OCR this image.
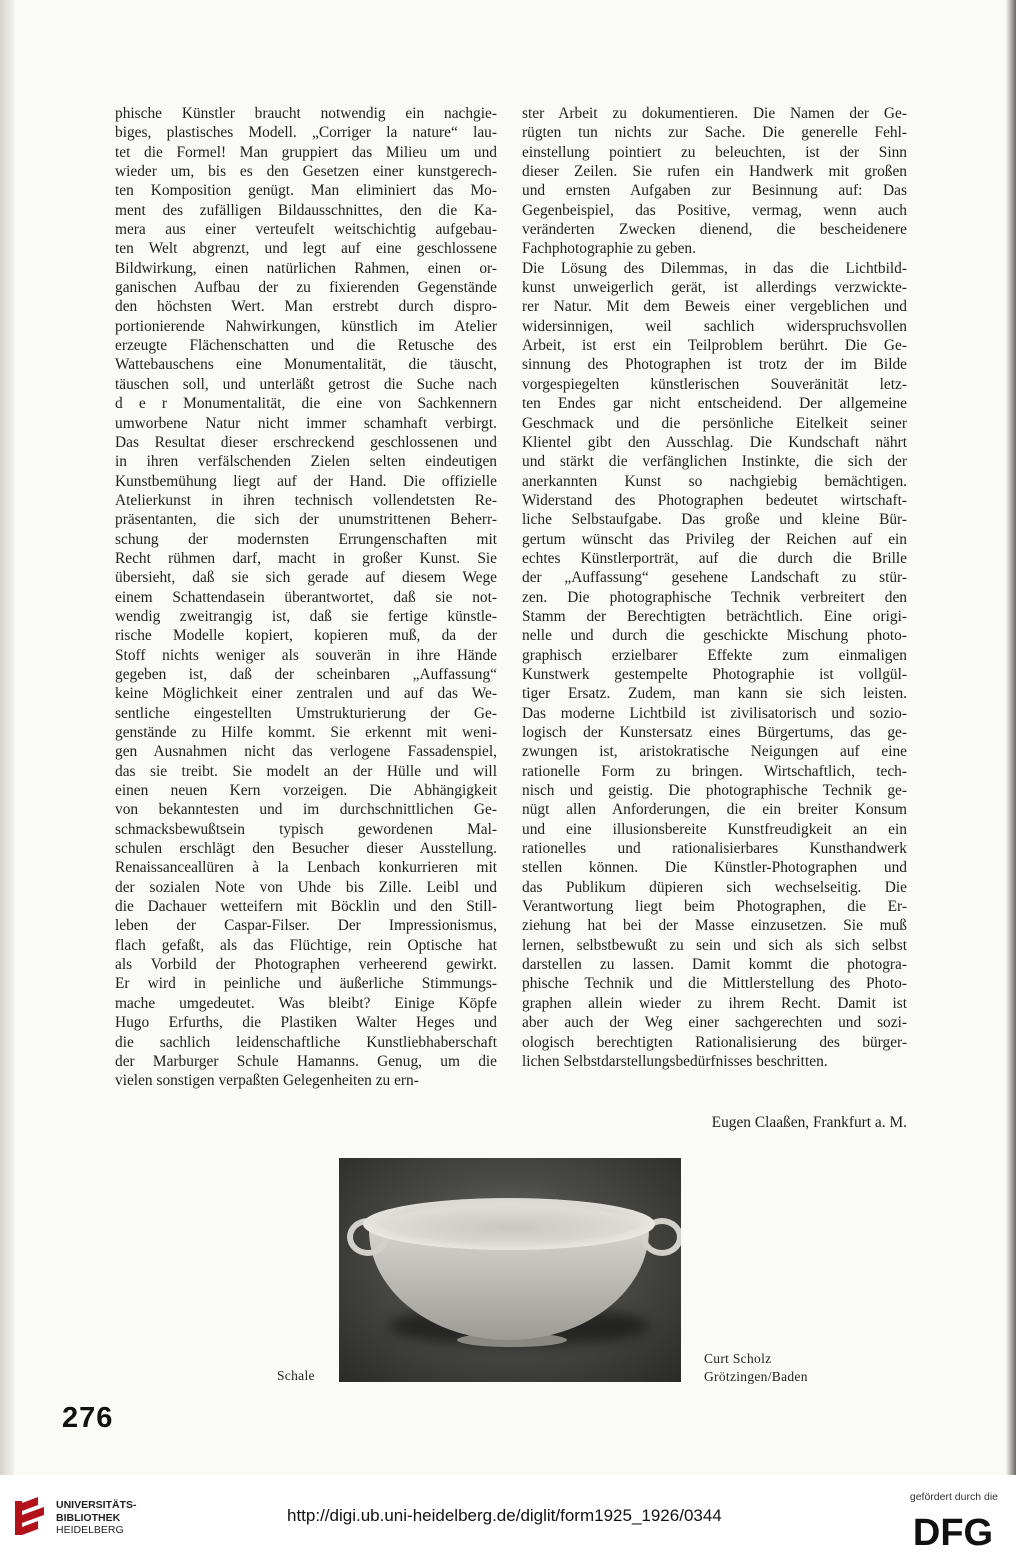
phische Künstler braucht notwendig ein nachgie-
biges, plastisches Modell. „Corriger la nature“ lau-
tet die Formel! Man gruppiert das Milieu um und
wieder um, bis es den Gesetzen einer kunstgerech-
ten Komposition genügt. Man eliminiert das Mo-
ment des zufälligen Bildausschnittes, den die Ka-
mera aus einer verteufelt weitschichtig aufgebau-
ten Welt abgrenzt, und legt auf eine geschlossene
Bildwirkung, einen natürlichen Rahmen, einen or-
ganischen Aufbau der zu fixierenden Gegenstände
den höchsten Wert. Man erstrebt durch dispro-
portionierende Nahwirkungen, künstlich im Atelier
erzeugte Flächenschatten und die Retusche des
Wattebauschens eine Monumentalität, die täuscht,
täuschen soll, und unterläßt getrost die Suche nach
d e r Monumentalität, die eine von Sachkennern
umworbene Natur nicht immer schamhaft verbirgt.
Das Resultat dieser erschreckend geschlossenen und
in ihren verfälschenden Zielen selten eindeutigen
Kunstbemühung liegt auf der Hand. Die offizielle
Atelierkunst in ihren technisch vollendetsten Re-
präsentanten, die sich der unumstrittenen Beherr-
schung der modernsten Errungenschaften mit
Recht rühmen darf, macht in großer Kunst. Sie
übersieht, daß sie sich gerade auf diesem Wege
einem Schattendasein überantwortet, daß sie not-
wendig zweitrangig ist, daß sie fertige künstle-
rische Modelle kopiert, kopieren muß, da der
Stoff nichts weniger als souverän in ihre Hände
gegeben ist, daß der scheinbaren „Auffassung“
keine Möglichkeit einer zentralen und auf das We-
sentliche eingestellten Umstrukturierung der Ge-
genstände zu Hilfe kommt. Sie erkennt mit weni-
gen Ausnahmen nicht das verlogene Fassadenspiel,
das sie treibt. Sie modelt an der Hülle und will
einen neuen Kern vorzeigen. Die Abhängigkeit
von bekanntesten und im durchschnittlichen Ge-
schmacksbewußtsein typisch gewordenen Mal-
schulen erschlägt den Besucher dieser Ausstellung.
Renaissanceallüren à la Lenbach konkurrieren mit
der sozialen Note von Uhde bis Zille. Leibl und
die Dachauer wetteifern mit Böcklin und den Still-
leben der Caspar-Filser. Der Impressionismus,
flach gefaßt, als das Flüchtige, rein Optische hat
als Vorbild der Photographen verheerend gewirkt.
Er wird in peinliche und äußerliche Stimmungs-
mache umgedeutet. Was bleibt? Einige Köpfe
Hugo Erfurths, die Plastiken Walter Heges und
die sachlich leidenschaftliche Kunstliebhaberschaft
der Marburger Schule Hamanns. Genug, um die
vielen sonstigen verpaßten Gelegenheiten zu ern-
ster Arbeit zu dokumentieren. Die Namen der Ge-
rügten tun nichts zur Sache. Die generelle Fehl-
einstellung pointiert zu beleuchten, ist der Sinn
dieser Zeilen. Sie rufen ein Handwerk mit großen
und ernsten Aufgaben zur Besinnung auf: Das
Gegenbeispiel, das Positive, vermag, wenn auch
veränderten Zwecken dienend, die bescheidenere
Fachphotographie zu geben.
Die Lösung des Dilemmas, in das die Lichtbild-
kunst unweigerlich gerät, ist allerdings verzwickte-
rer Natur. Mit dem Beweis einer vergeblichen und
widersinnigen, weil sachlich widerspruchsvollen
Arbeit, ist erst ein Teilproblem berührt. Die Ge-
sinnung des Photographen ist trotz der im Bilde
vorgespiegelten künstlerischen Souveränität letz-
ten Endes gar nicht entscheidend. Der allgemeine
Geschmack und die persönliche Eitelkeit seiner
Klientel gibt den Ausschlag. Die Kundschaft nährt
und stärkt die verfänglichen Instinkte, die sich der
anerkannten Kunst so nachgiebig bemächtigen.
Widerstand des Photographen bedeutet wirtschaft-
liche Selbstaufgabe. Das große und kleine Bür-
gertum wünscht das Privileg der Reichen auf ein
echtes Künstlerporträt, auf die durch die Brille
der „Auffassung“ gesehene Landschaft zu stür-
zen. Die photographische Technik verbreitert den
Stamm der Berechtigten beträchtlich. Eine origi-
nelle und durch die geschickte Mischung photo-
graphisch erzielbarer Effekte zum einmaligen
Kunstwerk gestempelte Photographie ist vollgül-
tiger Ersatz. Zudem, man kann sie sich leisten.
Das moderne Lichtbild ist zivilisatorisch und sozio-
logisch der Kunstersatz eines Bürgertums, das ge-
zwungen ist, aristokratische Neigungen auf eine
rationelle Form zu bringen. Wirtschaftlich, tech-
nisch und geistig. Die photographische Technik ge-
nügt allen Anforderungen, die ein breiter Konsum
und eine illusionsbereite Kunstfreudigkeit an ein
rationelles und rationalisierbares Kunsthandwerk
stellen können. Die Künstler-Photographen und
das Publikum düpieren sich wechselseitig. Die
Verantwortung liegt beim Photographen, die Er-
ziehung hat bei der Masse einzusetzen. Sie muß
lernen, selbstbewußt zu sein und sich als sich selbst
darstellen zu lassen. Damit kommt die photogra-
phische Technik und die Mittlerstellung des Photo-
graphen allein wieder zu ihrem Recht. Damit ist
aber auch der Weg einer sachgerechten und sozi-
ologisch berechtigten Rationalisierung des bürger-
lichen Selbstdarstellungsbedürfnisses beschritten.
Eugen Claaßen, Frankfurt a. M.
Schale
Curt Scholz
Grötzingen/Baden
276
UNIVERSITÄTS-
BIBLIOTHEK
HEIDELBERG
http://digi.ub.uni-heidelberg.de/diglit/form1925_1926/0344
gefördert durch die
DFG
